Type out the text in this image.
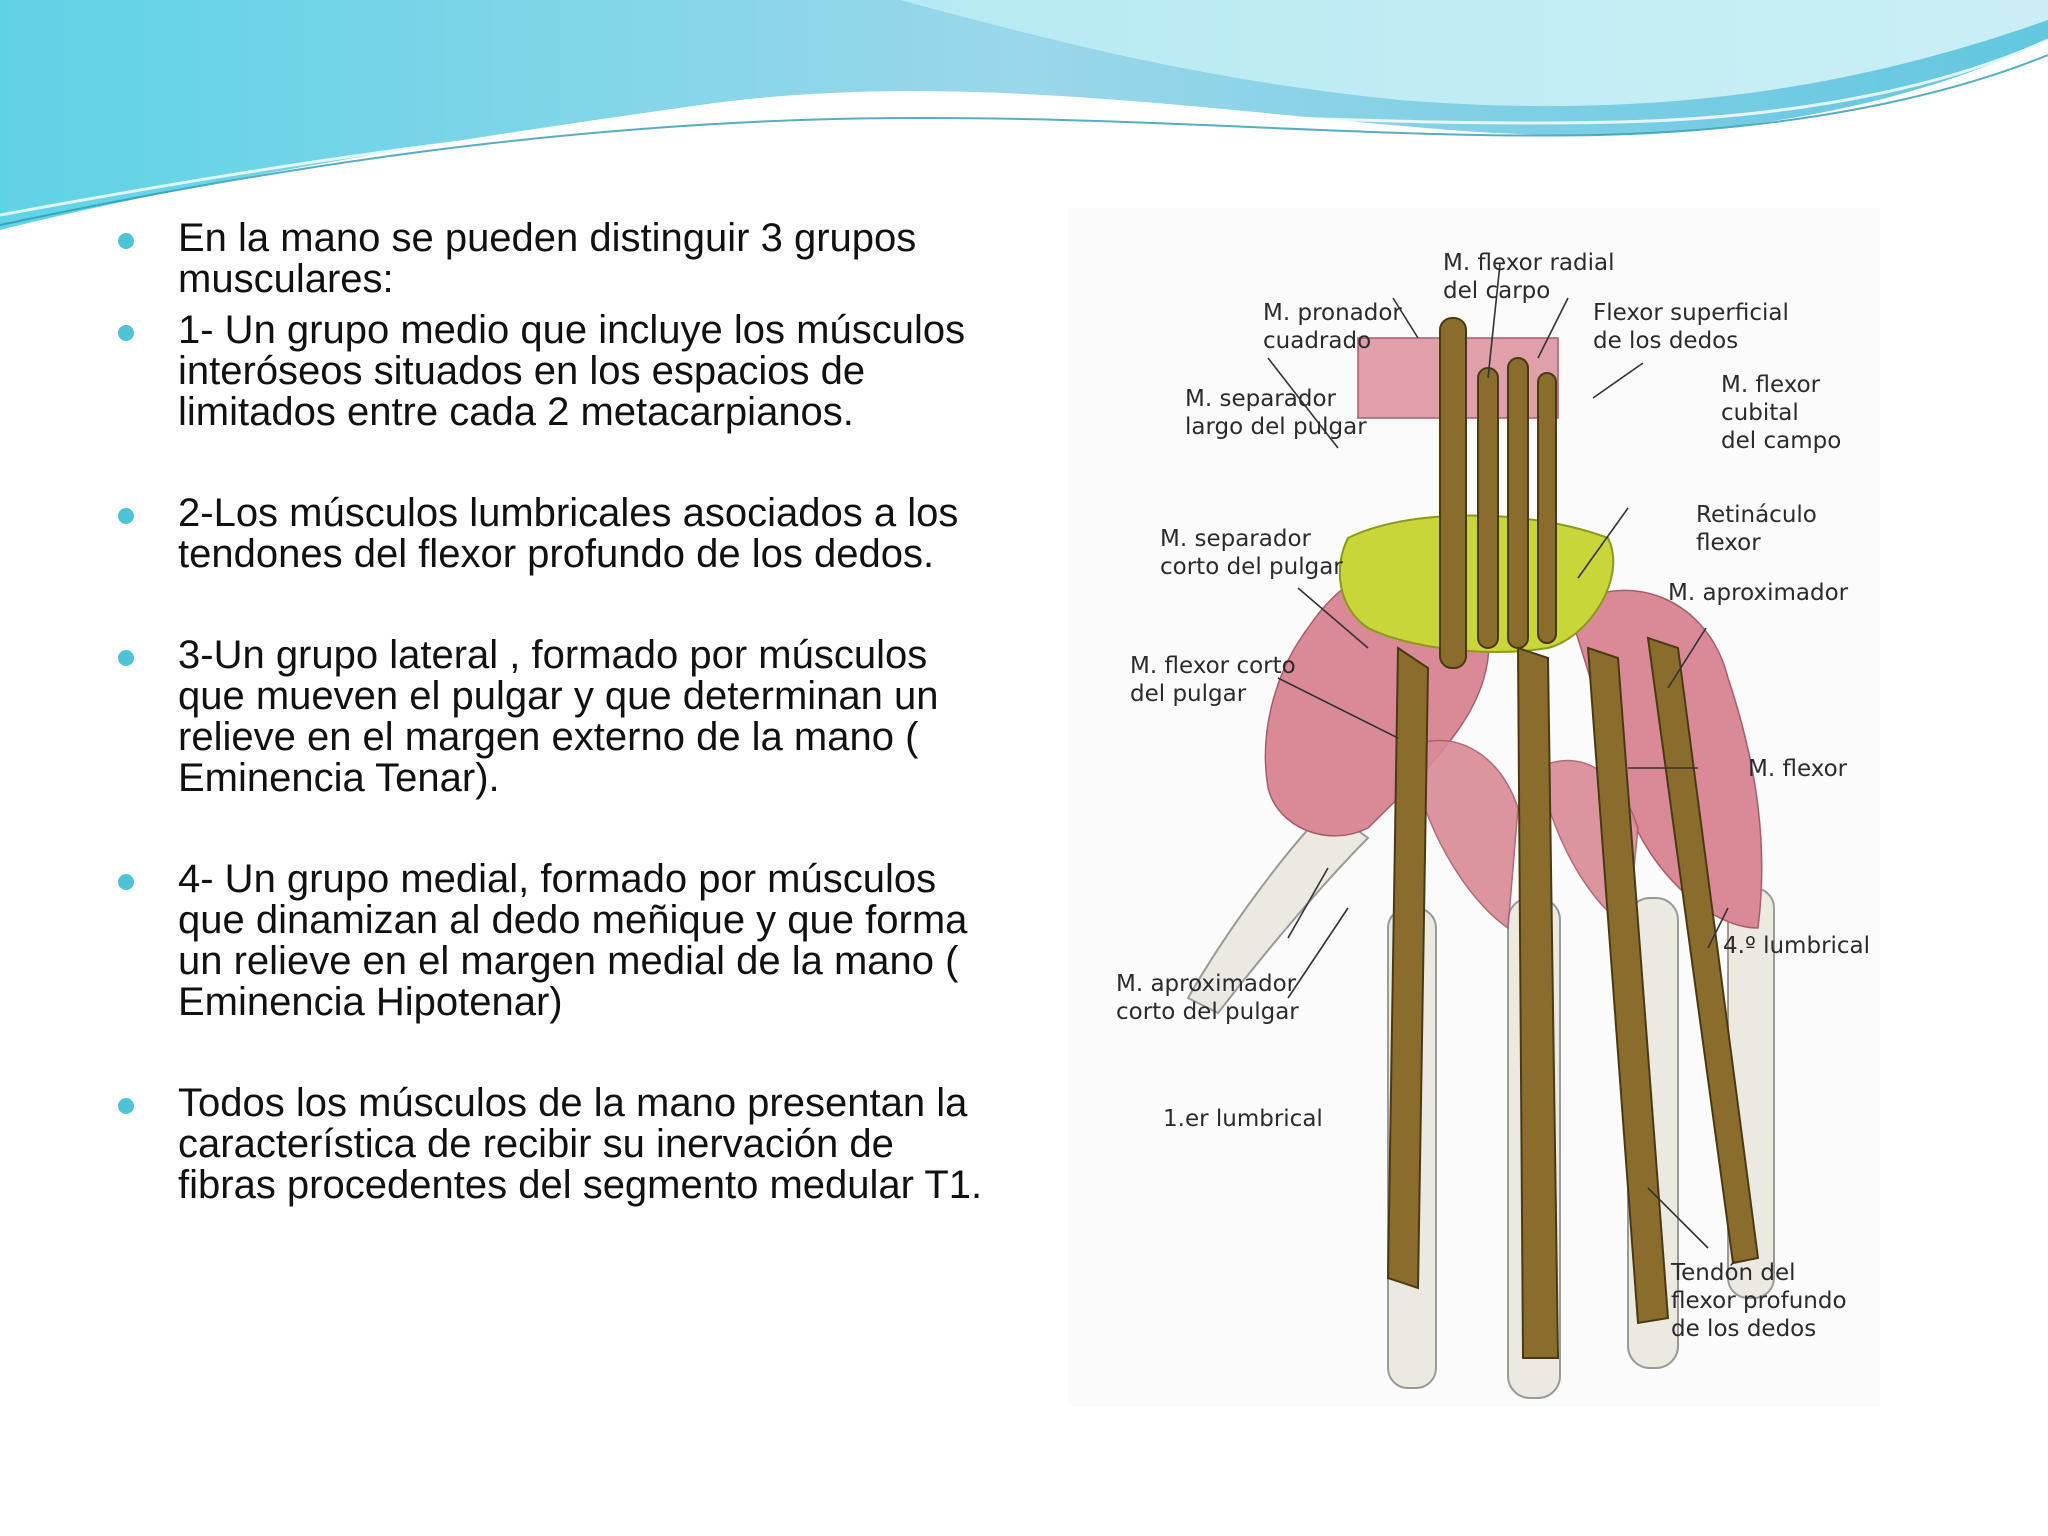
En la mano se pueden distinguir 3 grupos musculares:
1- Un grupo medio que incluye los músculos interóseos situados en los espacios de limitados entre cada 2 metacarpianos.
2-Los músculos lumbricales asociados a los tendones del flexor profundo de los dedos.
3-Un grupo lateral , formado por músculos que mueven el pulgar y que determinan un relieve en el margen externo de la mano ( Eminencia Tenar).
4- Un grupo medial, formado por músculos que dinamizan al dedo meñique y que forma un relieve en el margen medial de la mano ( Eminencia Hipotenar)
Todos los músculos de la mano presentan la característica de recibir su inervación de fibras procedentes del segmento medular T1.
M. flexor radial del carpo
M. pronador cuadrado
Flexor superficial de los dedos
M. separador largo del pulgar
M. flexor cubital del campo
Retináculo flexor
M. separador corto del pulgar
M. aproximador
M. flexor corto del pulgar
M. flexor
4.º lumbrical
M. aproximador corto del pulgar
1.er lumbrical
Tendón del flexor profundo de los dedos
